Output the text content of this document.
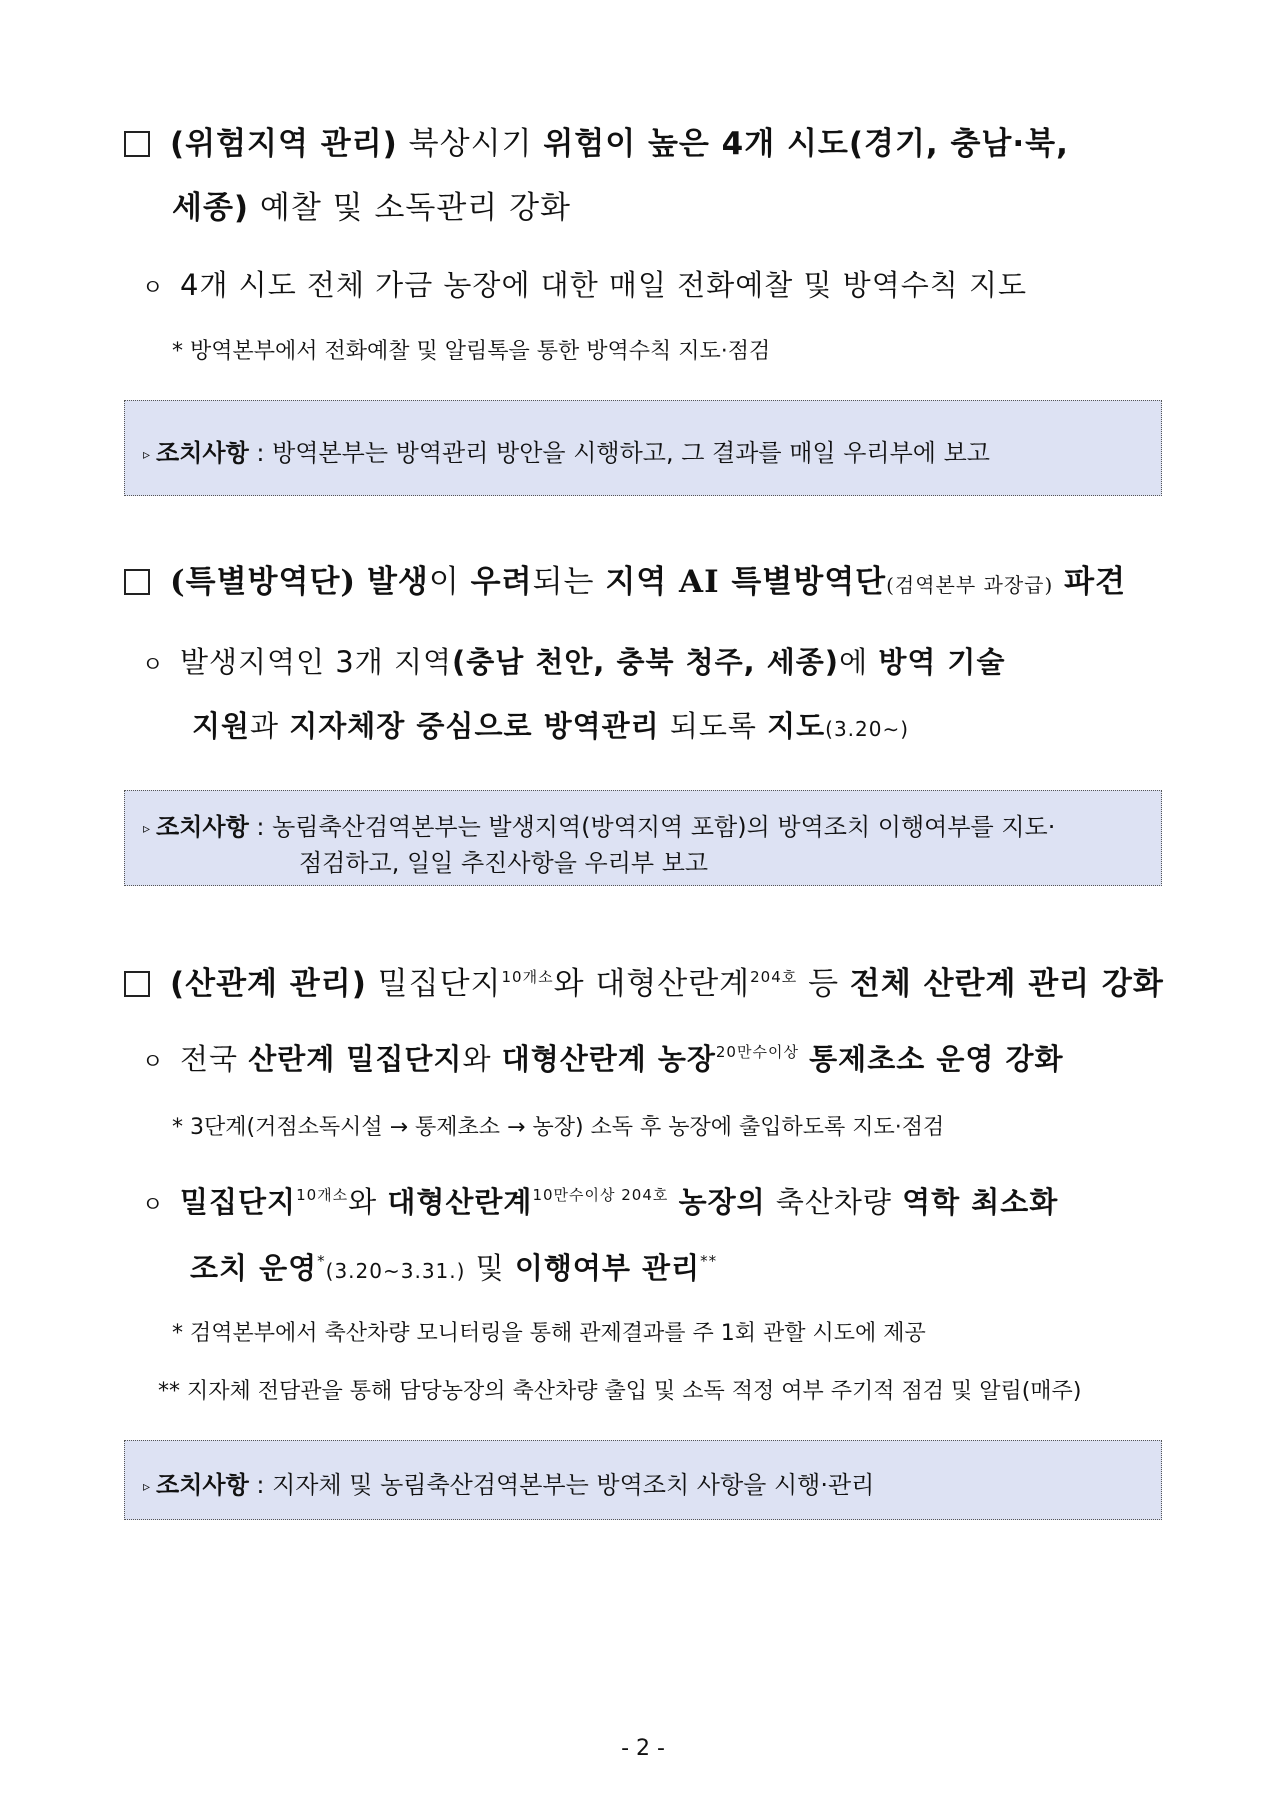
(위험지역 관리) 북상시기 위험이 높은 4개 시도(경기, 충남·북,
세종) 예찰 및 소독관리 강화
ㅇ 4개 시도 전체 가금 농장에 대한 매일 전화예찰 및 방역수칙 지도
* 방역본부에서 전화예찰 및 알림톡을 통한 방역수칙 지도·점검
▹ 조치사항 : 방역본부는 방역관리 방안을 시행하고, 그 결과를 매일 우리부에 보고
(특별방역단) 발생이 우려되는 지역 AI 특별방역단(검역본부 과장급) 파견
ㅇ 발생지역인 3개 지역(충남 천안, 충북 청주, 세종)에 방역 기술
지원과 지자체장 중심으로 방역관리 되도록 지도(3.20∼)
▹ 조치사항 : 농림축산검역본부는 발생지역(방역지역 포함)의 방역조치 이행여부를 지도·
점검하고, 일일 추진사항을 우리부 보고
(산관계 관리) 밀집단지$^{10개소}$와 대형산란계$^{204호}$ 등 전체 산란계 관리 강화
ㅇ 전국 산란계 밀집단지와 대형산란계 농장$^{20만수이상}$ 통제초소 운영 강화
* 3단계(거점소독시설 → 통제초소 → 농장) 소독 후 농장에 출입하도록 지도·점검
ㅇ 밀집단지$^{10개소}$와 대형산란계$^{10만수이상 204호}$ 농장의 축산차량 역학 최소화
조치 운영*(3.20~3.31.) 및 이행여부 관리**
* 검역본부에서 축산차량 모니터링을 통해 관제결과를 주 1회 관할 시도에 제공
** 지자체 전담관을 통해 담당농장의 축산차량 출입 및 소독 적정 여부 주기적 점검 및 알림(매주)
▹ 조치사항 : 지자체 및 농림축산검역본부는 방역조치 사항을 시행·관리
- 2 -
